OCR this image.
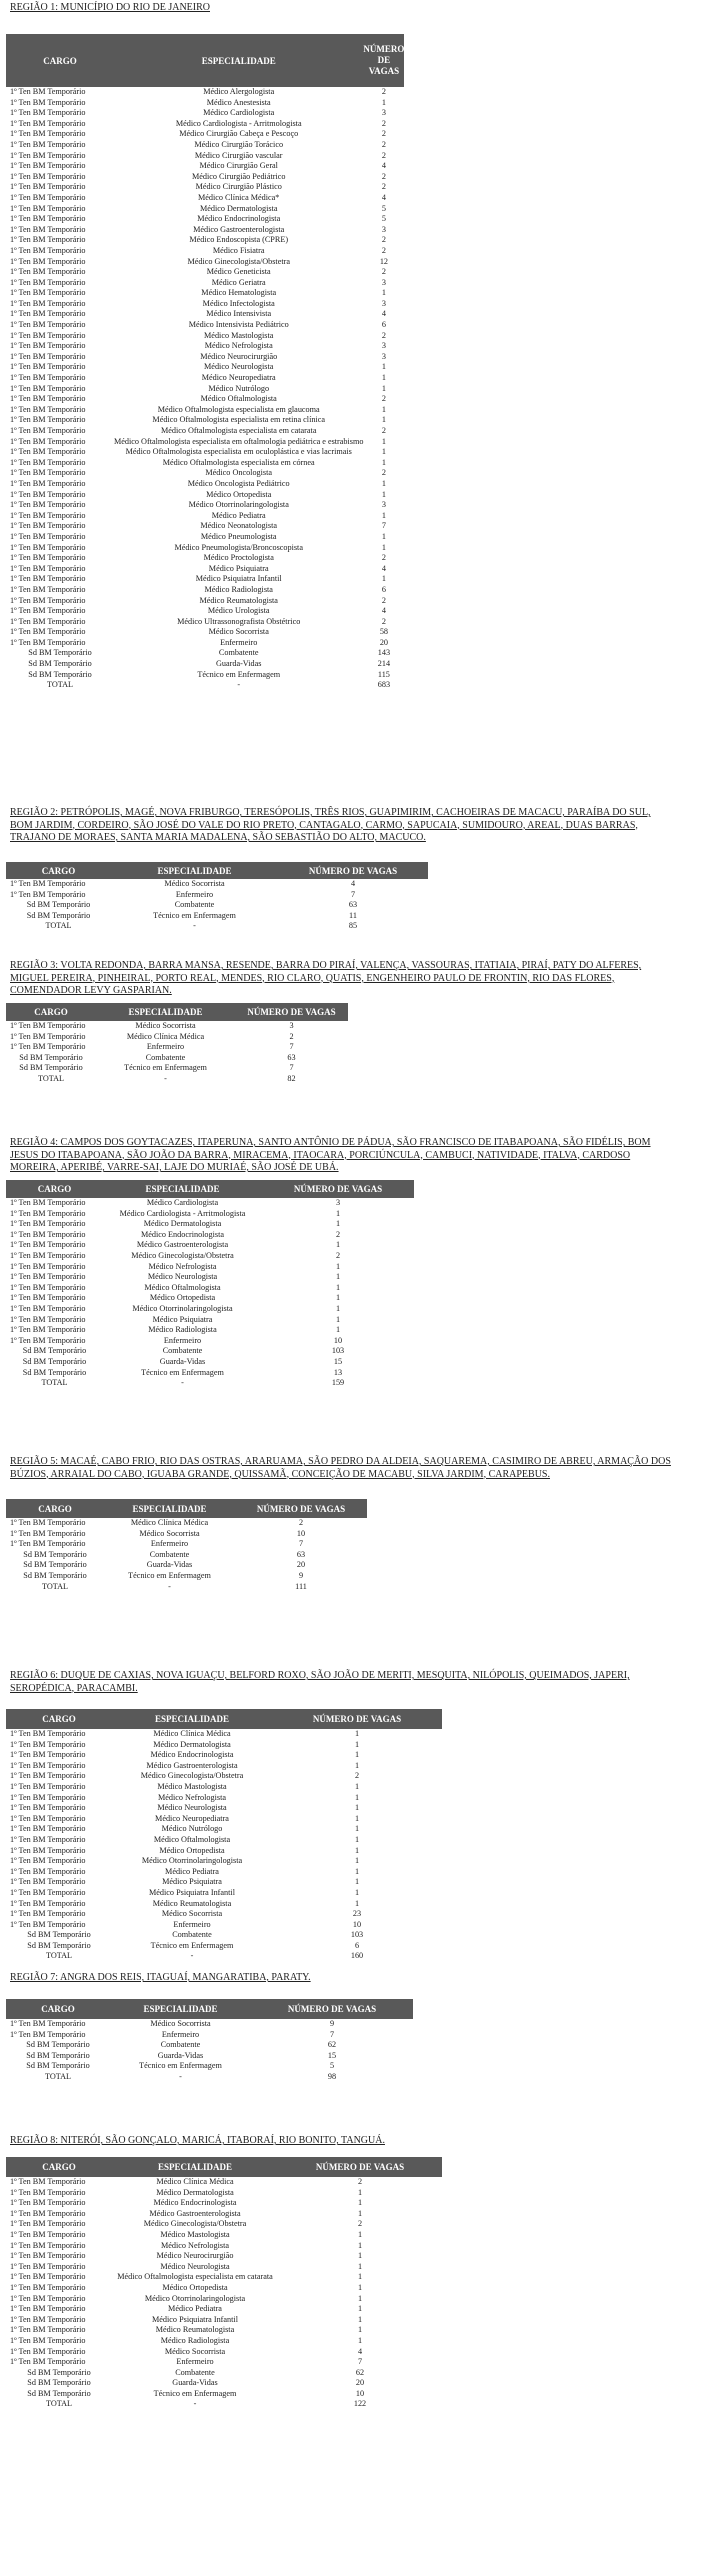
REGIÃO 1: MUNICÍPIO DO RIO DE JANEIRO

CARGO	ESPECIALIDADE	NÚMERO DE VAGAS
1º Ten BM Temporário	Médico Alergologista	2
1º Ten BM Temporário	Médico Anestesista	1
1º Ten BM Temporário	Médico Cardiologista	3
1º Ten BM Temporário	Médico Cardiologista - Arritmologista	2
1º Ten BM Temporário	Médico Cirurgião Cabeça e Pescoço	2
1º Ten BM Temporário	Médico Cirurgião Torácico	2
1º Ten BM Temporário	Médico Cirurgião vascular	2
1º Ten BM Temporário	Médico Cirurgião Geral	4
1º Ten BM Temporário	Médico Cirurgião Pediátrico	2
1º Ten BM Temporário	Médico Cirurgião Plástico	2
1º Ten BM Temporário	Médico Clínica Médica*	4
1º Ten BM Temporário	Médico Dermatologista	5
1º Ten BM Temporário	Médico Endocrinologista	5
1º Ten BM Temporário	Médico Gastroenterologista	3
1º Ten BM Temporário	Médico Endoscopista (CPRE)	2
1º Ten BM Temporário	Médico Fisiatra	2
1º Ten BM Temporário	Médico Ginecologista/Obstetra	12
1º Ten BM Temporário	Médico Geneticista	2
1º Ten BM Temporário	Médico Geriatra	3
1º Ten BM Temporário	Médico Hematologista	1
1º Ten BM Temporário	Médico Infectologista	3
1º Ten BM Temporário	Médico Intensivista	4
1º Ten BM Temporário	Médico Intensivista Pediátrico	6
1º Ten BM Temporário	Médico Mastologista	2
1º Ten BM Temporário	Médico Nefrologista	3
1º Ten BM Temporário	Médico Neurocirurgião	3
1º Ten BM Temporário	Médico Neurologista	1
1º Ten BM Temporário	Médico Neuropediatra	1
1º Ten BM Temporário	Médico Nutrólogo	1
1º Ten BM Temporário	Médico Oftalmologista	2
1º Ten BM Temporário	Médico Oftalmologista especialista em glaucoma	1
1º Ten BM Temporário	Médico Oftalmologista especialista em retina clínica	1
1º Ten BM Temporário	Médico Oftalmologista especialista em catarata	2
1º Ten BM Temporário	Médico Oftalmologista especialista em oftalmologia pediátrica e estrabismo	1
1º Ten BM Temporário	Médico Oftalmologista especialista em oculoplástica e vias lacrimais	1
1º Ten BM Temporário	Médico Oftalmologista especialista em córnea	1
1º Ten BM Temporário	Médico Oncologista	2
1º Ten BM Temporário	Médico Oncologista Pediátrico	1
1º Ten BM Temporário	Médico Ortopedista	1
1º Ten BM Temporário	Médico Otorrinolaringologista	3
1º Ten BM Temporário	Médico Pediatra	1
1º Ten BM Temporário	Médico Neonatologista	7
1º Ten BM Temporário	Médico Pneumologista	1
1º Ten BM Temporário	Médico Pneumologista/Broncoscopista	1
1º Ten BM Temporário	Médico Proctologista	2
1º Ten BM Temporário	Médico Psiquiatra	4
1º Ten BM Temporário	Médico Psiquiatra Infantil	1
1º Ten BM Temporário	Médico Radiologista	6
1º Ten BM Temporário	Médico Reumatologista	2
1º Ten BM Temporário	Médico Urologista	4
1º Ten BM Temporário	Médico Ultrassonografista Obstétrico	2
1º Ten BM Temporário	Médico Socorrista	58
1º Ten BM Temporário	Enfermeiro	20
Sd BM Temporário	Combatente	143
Sd BM Temporário	Guarda-Vidas	214
Sd BM Temporário	Técnico em Enfermagem	115
TOTAL	-	683

REGIÃO 2: PETRÓPOLIS, MAGÉ, NOVA FRIBURGO, TERESÓPOLIS, TRÊS RIOS, GUAPIMIRIM, CACHOEIRAS DE MACACU, PARAÍBA DO SUL, BOM JARDIM, CORDEIRO, SÃO JOSÉ DO VALE DO RIO PRETO, CANTAGALO, CARMO, SAPUCAIA, SUMIDOURO, AREAL, DUAS BARRAS, TRAJANO DE MORAES, SANTA MARIA MADALENA, SÃO SEBASTIÃO DO ALTO, MACUCO.

CARGO	ESPECIALIDADE	NÚMERO DE VAGAS
1º Ten BM Temporário	Médico Socorrista	4
1º Ten BM Temporário	Enfermeiro	7
Sd BM Temporário	Combatente	63
Sd BM Temporário	Técnico em Enfermagem	11
TOTAL	-	85

REGIÃO 3: VOLTA REDONDA, BARRA MANSA, RESENDE, BARRA DO PIRAÍ, VALENÇA, VASSOURAS, ITATIAIA, PIRAÍ, PATY DO ALFERES, MIGUEL PEREIRA, PINHEIRAL, PORTO REAL, MENDES, RIO CLARO, QUATIS, ENGENHEIRO PAULO DE FRONTIN, RIO DAS FLORES, COMENDADOR LEVY GASPARIAN.

CARGO	ESPECIALIDADE	NÚMERO DE VAGAS
1º Ten BM Temporário	Médico Socorrista	3
1º Ten BM Temporário	Médico Clínica Médica	2
1º Ten BM Temporário	Enfermeiro	7
Sd BM Temporário	Combatente	63
Sd BM Temporário	Técnico em Enfermagem	7
TOTAL	-	82

REGIÃO 4: CAMPOS DOS GOYTACAZES, ITAPERUNA, SANTO ANTÔNIO DE PÁDUA, SÃO FRANCISCO DE ITABAPOANA, SÃO FIDÉLIS, BOM JESUS DO ITABAPOANA, SÃO JOÃO DA BARRA, MIRACEMA, ITAOCARA, PORCIÚNCULA, CAMBUCI, NATIVIDADE, ITALVA, CARDOSO MOREIRA, APERIBÉ, VARRE-SAI, LAJE DO MURIAÉ, SÃO JOSÉ DE UBÁ.

CARGO	ESPECIALIDADE	NÚMERO DE VAGAS
1º Ten BM Temporário	Médico Cardiologista	3
1º Ten BM Temporário	Médico Cardiologista - Arritmologista	1
1º Ten BM Temporário	Médico Dermatologista	1
1º Ten BM Temporário	Médico Endocrinologista	2
1º Ten BM Temporário	Médico Gastroenterologista	1
1º Ten BM Temporário	Médico Ginecologista/Obstetra	2
1º Ten BM Temporário	Médico Nefrologista	1
1º Ten BM Temporário	Médico Neurologista	1
1º Ten BM Temporário	Médico Oftalmologista	1
1º Ten BM Temporário	Médico Ortopedista	1
1º Ten BM Temporário	Médico Otorrinolaringologista	1
1º Ten BM Temporário	Médico Psiquiatra	1
1º Ten BM Temporário	Médico Radiologista	1
1º Ten BM Temporário	Enfermeiro	10
Sd BM Temporário	Combatente	103
Sd BM Temporário	Guarda-Vidas	15
Sd BM Temporário	Técnico em Enfermagem	13
TOTAL	-	159

REGIÃO 5: MACAÉ, CABO FRIO, RIO DAS OSTRAS, ARARUAMA, SÃO PEDRO DA ALDEIA, SAQUAREMA, CASIMIRO DE ABREU, ARMAÇÃO DOS BÚZIOS, ARRAIAL DO CABO, IGUABA GRANDE, QUISSAMÃ, CONCEIÇÃO DE MACABU, SILVA JARDIM, CARAPEBUS.

CARGO	ESPECIALIDADE	NÚMERO DE VAGAS
1º Ten BM Temporário	Médico Clínica Médica	2
1º Ten BM Temporário	Médico Socorrista	10
1º Ten BM Temporário	Enfermeiro	7
Sd BM Temporário	Combatente	63
Sd BM Temporário	Guarda-Vidas	20
Sd BM Temporário	Técnico em Enfermagem	9
TOTAL	-	111

REGIÃO 6: DUQUE DE CAXIAS, NOVA IGUAÇU, BELFORD ROXO, SÃO JOÃO DE MERITI, MESQUITA, NILÓPOLIS, QUEIMADOS, JAPERI, SEROPÉDICA, PARACAMBI.

CARGO	ESPECIALIDADE	NÚMERO DE VAGAS
1º Ten BM Temporário	Médico Clínica Médica	1
1º Ten BM Temporário	Médico Dermatologista	1
1º Ten BM Temporário	Médico Endocrinologista	1
1º Ten BM Temporário	Médico Gastroenterologista	1
1º Ten BM Temporário	Médico Ginecologista/Obstetra	2
1º Ten BM Temporário	Médico Mastologista	1
1º Ten BM Temporário	Médico Nefrologista	1
1º Ten BM Temporário	Médico Neurologista	1
1º Ten BM Temporário	Médico Neuropediatra	1
1º Ten BM Temporário	Médico Nutrólogo	1
1º Ten BM Temporário	Médico Oftalmologista	1
1º Ten BM Temporário	Médico Ortopedista	1
1º Ten BM Temporário	Médico Otorrinolaringologista	1
1º Ten BM Temporário	Médico Pediatra	1
1º Ten BM Temporário	Médico Psiquiatra	1
1º Ten BM Temporário	Médico Psiquiatra Infantil	1
1º Ten BM Temporário	Médico Reumatologista	1
1º Ten BM Temporário	Médico Socorrista	23
1º Ten BM Temporário	Enfermeiro	10
Sd BM Temporário	Combatente	103
Sd BM Temporário	Técnico em Enfermagem	6
TOTAL	-	160

REGIÃO 7: ANGRA DOS REIS, ITAGUAÍ, MANGARATIBA, PARATY.

CARGO	ESPECIALIDADE	NÚMERO DE VAGAS
1º Ten BM Temporário	Médico Socorrista	9
1º Ten BM Temporário	Enfermeiro	7
Sd BM Temporário	Combatente	62
Sd BM Temporário	Guarda-Vidas	15
Sd BM Temporário	Técnico em Enfermagem	5
TOTAL	-	98

REGIÃO 8: NITERÓI, SÃO GONÇALO, MARICÁ, ITABORAÍ, RIO BONITO, TANGUÁ.

CARGO	ESPECIALIDADE	NÚMERO DE VAGAS
1º Ten BM Temporário	Médico Clínica Médica	2
1º Ten BM Temporário	Médico Dermatologista	1
1º Ten BM Temporário	Médico Endocrinologista	1
1º Ten BM Temporário	Médico Gastroenterologista	1
1º Ten BM Temporário	Médico Ginecologista/Obstetra	2
1º Ten BM Temporário	Médico Mastologista	1
1º Ten BM Temporário	Médico Nefrologista	1
1º Ten BM Temporário	Médico Neurocirurgião	1
1º Ten BM Temporário	Médico Neurologista	1
1º Ten BM Temporário	Médico Oftalmologista especialista em catarata	1
1º Ten BM Temporário	Médico Ortopedista	1
1º Ten BM Temporário	Médico Otorrinolaringologista	1
1º Ten BM Temporário	Médico Pediatra	1
1º Ten BM Temporário	Médico Psiquiatra Infantil	1
1º Ten BM Temporário	Médico Reumatologista	1
1º Ten BM Temporário	Médico Radiologista	1
1º Ten BM Temporário	Médico Socorrista	4
1º Ten BM Temporário	Enfermeiro	7
Sd BM Temporário	Combatente	62
Sd BM Temporário	Guarda-Vidas	20
Sd BM Temporário	Técnico em Enfermagem	10
TOTAL	-	122
